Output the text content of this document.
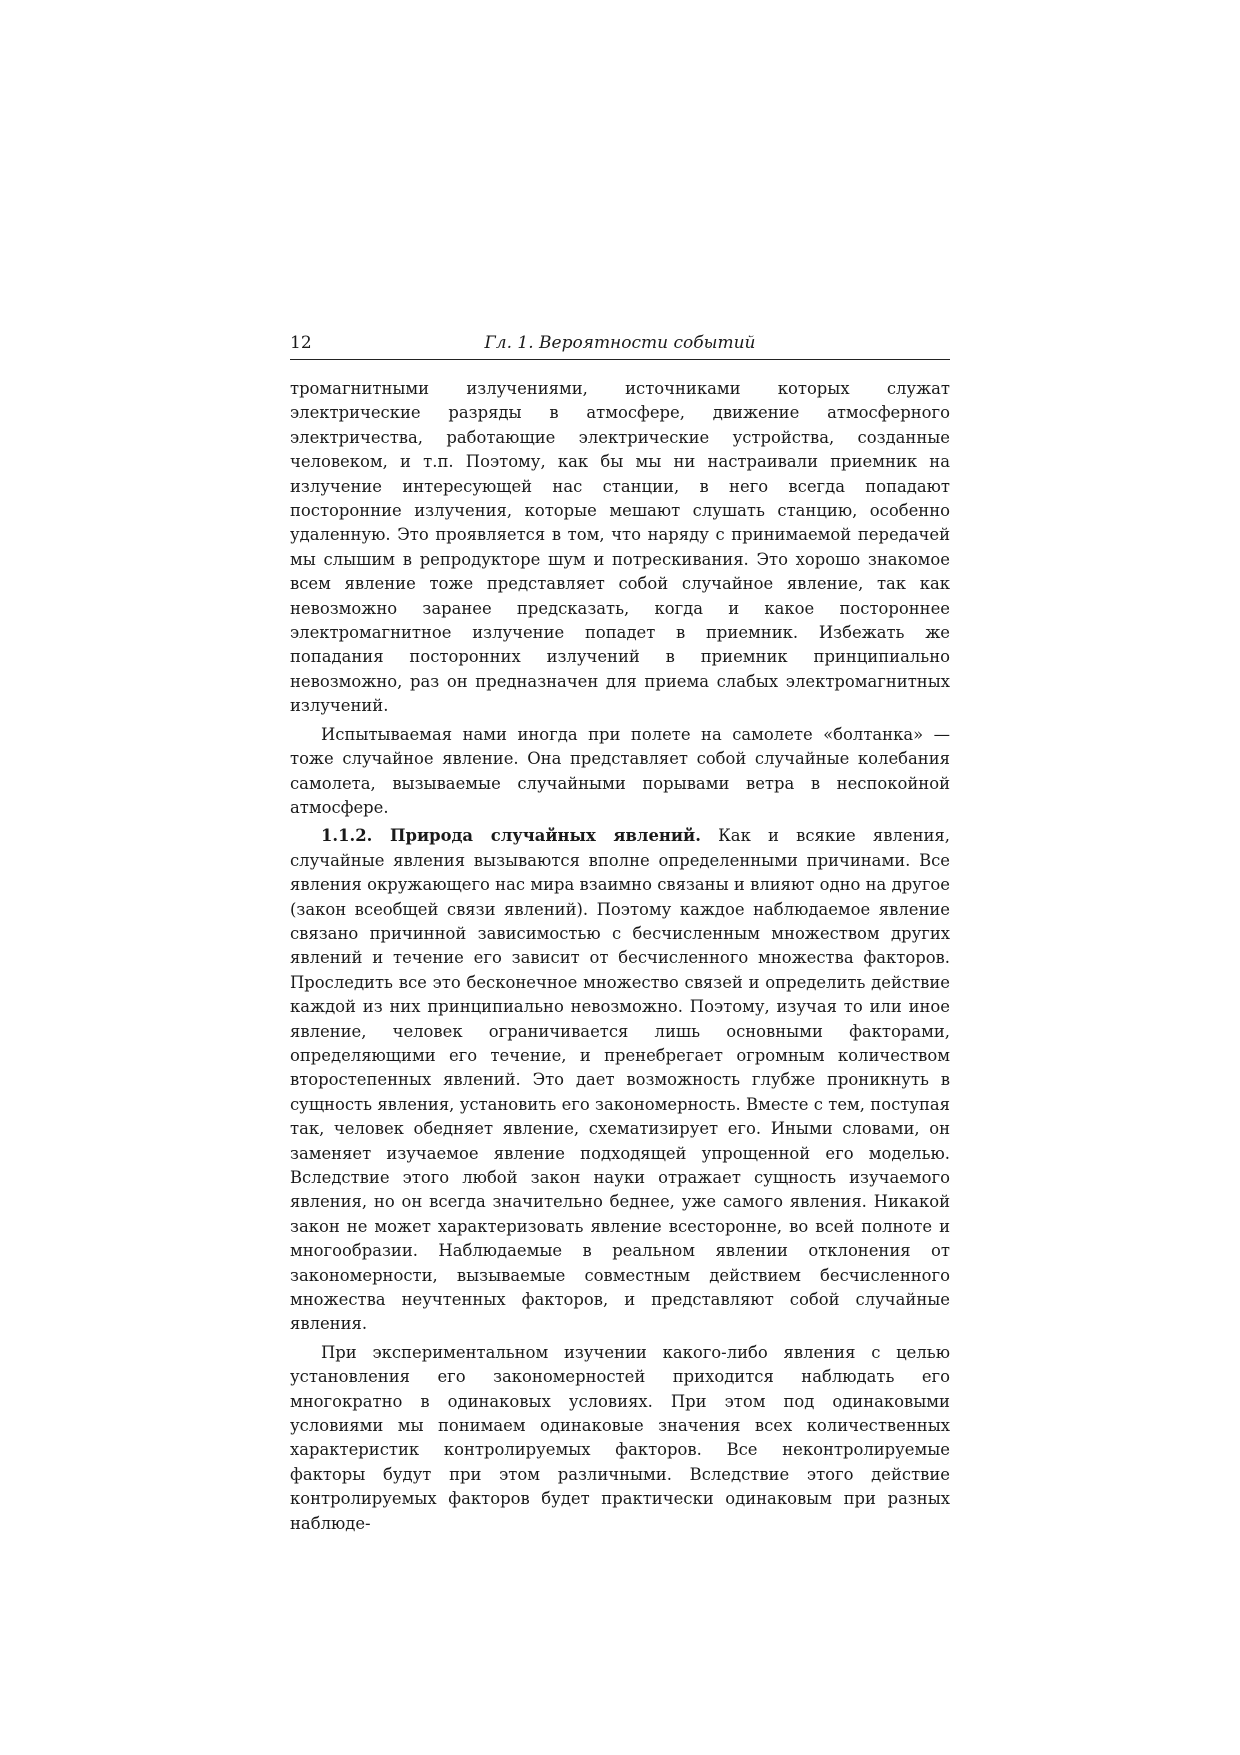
12	Гл. 1. Вероятности событий

тромагнитными излучениями, источниками которых служат электрические разряды в атмосфере, движение атмосферного электричества, работающие электрические устройства, созданные человеком, и т.п. Поэтому, как бы мы ни настраивали приемник на излучение интересующей нас станции, в него всегда попадают посторонние излучения, которые мешают слушать станцию, особенно удаленную. Это проявляется в том, что наряду с принимаемой передачей мы слышим в репродукторе шум и потрескивания. Это хорошо знакомое всем явление тоже представляет собой случайное явление, так как невозможно заранее предсказать, когда и какое постороннее электромагнитное излучение попадет в приемник. Избежать же попадания посторонних излучений в приемник принципиально невозможно, раз он предназначен для приема слабых электромагнитных излучений.

Испытываемая нами иногда при полете на самолете «болтанка» — тоже случайное явление. Она представляет собой случайные колебания самолета, вызываемые случайными порывами ветра в неспокойной атмосфере.

1.1.2. Природа случайных явлений. Как и всякие явления, случайные явления вызываются вполне определенными причинами. Все явления окружающего нас мира взаимно связаны и влияют одно на другое (закон всеобщей связи явлений). Поэтому каждое наблюдаемое явление связано причинной зависимостью с бесчисленным множеством других явлений и течение его зависит от бесчисленного множества факторов. Проследить все это бесконечное множество связей и определить действие каждой из них принципиально невозможно. Поэтому, изучая то или иное явление, человек ограничивается лишь основными факторами, определяющими его течение, и пренебрегает огромным количеством второстепенных явлений. Это дает возможность глубже проникнуть в сущность явления, установить его закономерность. Вместе с тем, поступая так, человек обедняет явление, схематизирует его. Иными словами, он заменяет изучаемое явление подходящей упрощенной его моделью. Вследствие этого любой закон науки отражает сущность изучаемого явления, но он всегда значительно беднее, уже самого явления. Никакой закон не может характеризовать явление всесторонне, во всей полноте и многообразии. Наблюдаемые в реальном явлении отклонения от закономерности, вызываемые совместным действием бесчисленного множества неучтенных факторов, и представляют собой случайные явления.

При экспериментальном изучении какого-либо явления с целью установления его закономерностей приходится наблюдать его многократно в одинаковых условиях. При этом под одинаковыми условиями мы понимаем одинаковые значения всех количественных характеристик контролируемых факторов. Все неконтролируемые факторы будут при этом различными. Вследствие этого действие контролируемых факторов будет практически одинаковым при разных наблюде-
